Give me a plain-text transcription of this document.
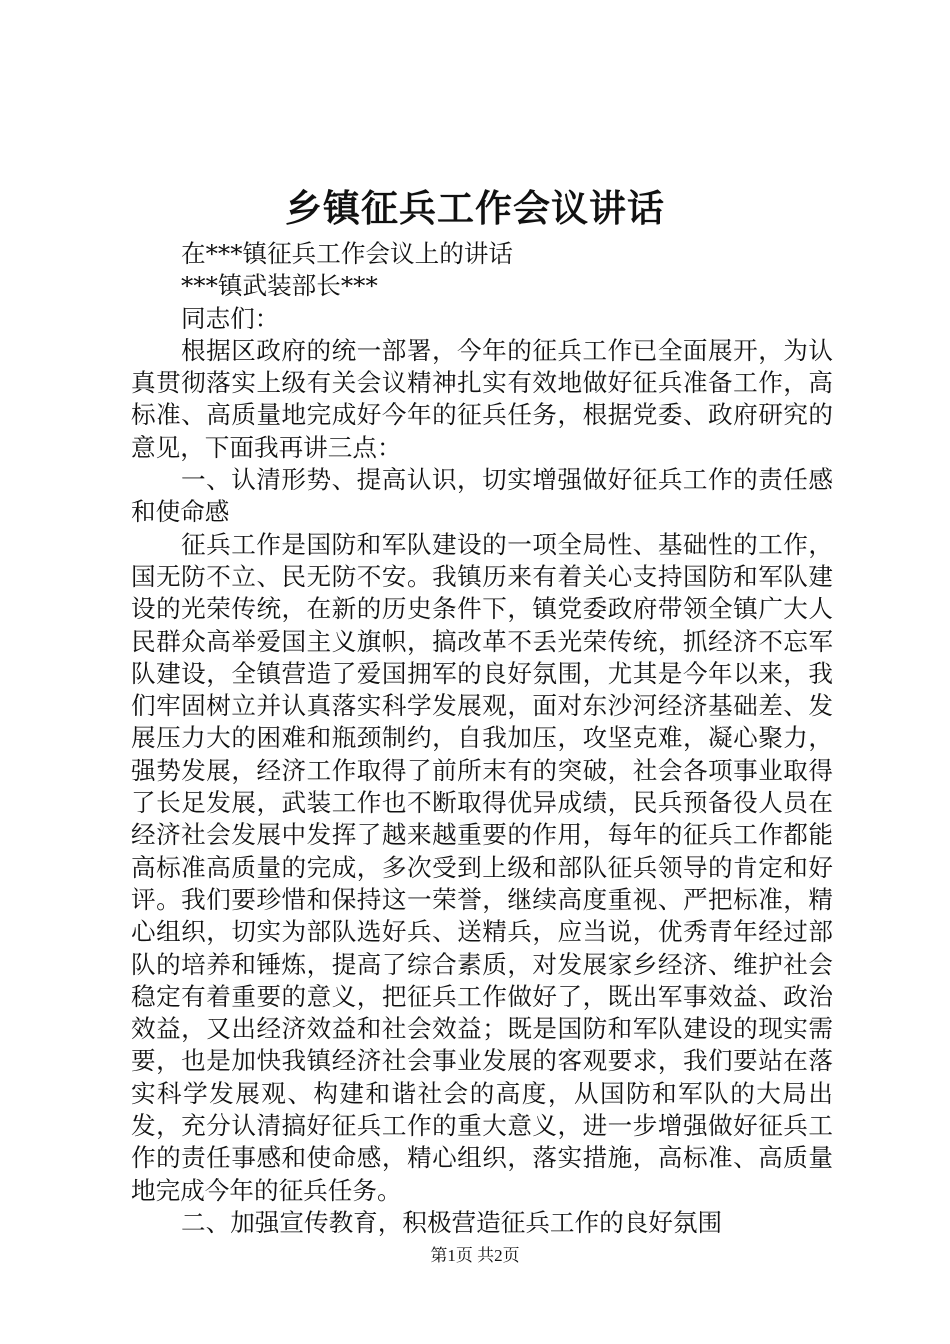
乡镇征兵工作会议讲话

在***镇征兵工作会议上的讲话

***镇武装部长***

同志们：

根据区政府的统一部署，今年的征兵工作已全面展开，为认真贯彻落实上级有关会议精神扎实有效地做好征兵准备工作，高标准、高质量地完成好今年的征兵任务，根据党委、政府研究的意见，下面我再讲三点：

一、认清形势、提高认识，切实增强做好征兵工作的责任感和使命感

征兵工作是国防和军队建设的一项全局性、基础性的工作，国无防不立、民无防不安。我镇历来有着关心支持国防和军队建设的光荣传统，在新的历史条件下，镇党委政府带领全镇广大人民群众高举爱国主义旗帜，搞改革不丢光荣传统，抓经济不忘军队建设，全镇营造了爱国拥军的良好氛围，尤其是今年以来，我们牢固树立并认真落实科学发展观，面对东沙河经济基础差、发展压力大的困难和瓶颈制约，自我加压，攻坚克难，凝心聚力，强势发展，经济工作取得了前所末有的突破，社会各项事业取得了长足发展，武装工作也不断取得优异成绩，民兵预备役人员在经济社会发展中发挥了越来越重要的作用，每年的征兵工作都能高标准高质量的完成，多次受到上级和部队征兵领导的肯定和好评。我们要珍惜和保持这一荣誉，继续高度重视、严把标准，精心组织，切实为部队选好兵、送精兵，应当说，优秀青年经过部队的培养和锤炼，提高了综合素质，对发展家乡经济、维护社会稳定有着重要的意义，把征兵工作做好了，既出军事效益、政治效益，又出经济效益和社会效益；既是国防和军队建设的现实需要，也是加快我镇经济社会事业发展的客观要求，我们要站在落实科学发展观、构建和谐社会的高度，从国防和军队的大局出发，充分认清搞好征兵工作的重大意义，进一步增强做好征兵工作的责任事感和使命感，精心组织，落实措施，高标准、高质量地完成今年的征兵任务。

二、加强宣传教育，积极营造征兵工作的良好氛围

第1页 共2页
